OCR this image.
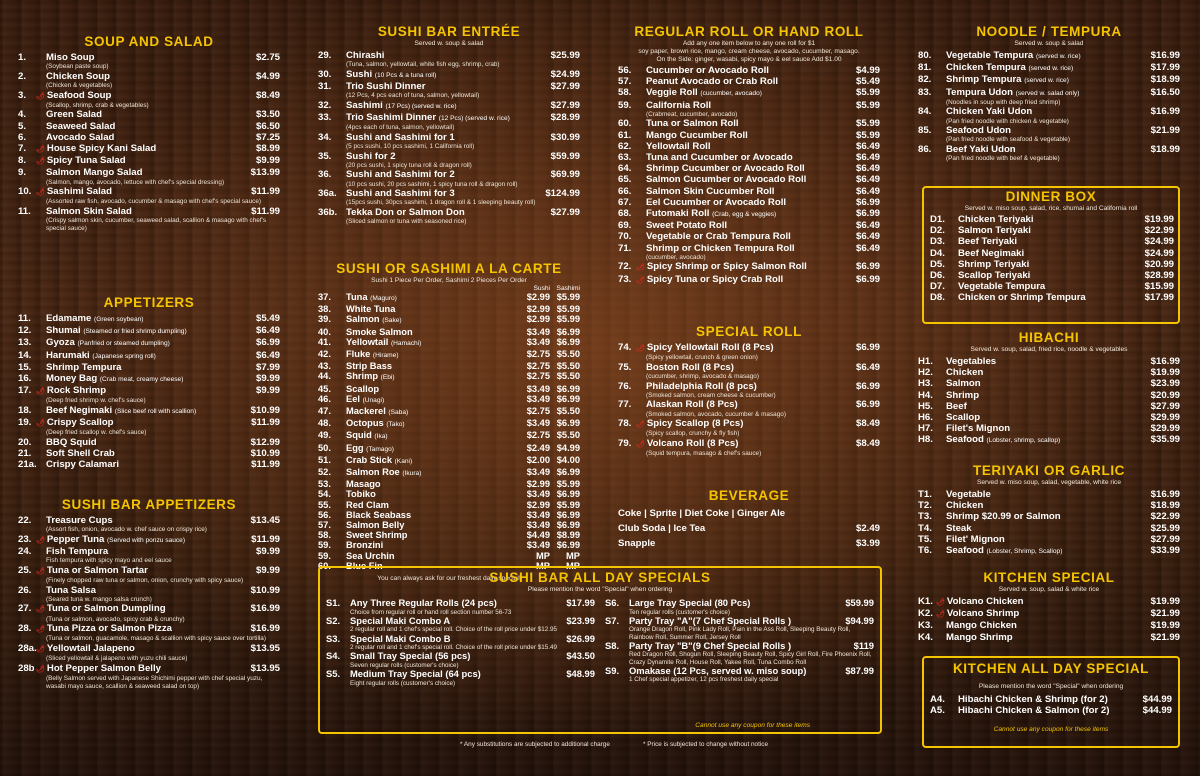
SOUP AND SALAD
1.	Miso Soup	$2.75
(Soybean paste soup)
2.	Chicken Soup	$4.99
(Chicken & vegetables)
3.	🌶 Seafood Soup	$8.49
(Scallop, shrimp, crab & vegetables)
4.	Green Salad	$3.50
5.	Seaweed Salad	$6.50
6.	Avocado Salad	$7.25
7.	🌶 House Spicy Kani Salad	$8.99
8.	🌶 Spicy Tuna Salad	$9.99
9.	Salmon Mango Salad	$13.99
(Salmon, mango, avocado, lettuce with chef's special dressing)
10. 🌶 Sashimi Salad	$11.99
(Assorted raw fish, avocado, cucumber & masago with chef's special sauce)
11.	Salmon Skin Salad	$11.99
(Crispy salmon skin, cucumber, seaweed salad, scallion & masago with chef's special sauce)
APPETIZERS
11.	Edamame (Green soybean)	$5.49
12.	Shumai (Steamed or fried shrimp dumpling)	$6.49
13.	Gyoza (Panfried or steamed dumpling)	$6.99
14.	Harumaki (Japanese spring roll)	$6.49
15.	Shrimp Tempura	$7.99
16.	Money Bag (Crab meat, creamy cheese)	$9.99
17. 🌶 Rock Shrimp	$9.99
(Deep fried shrimp w. chef's sauce)
18.	Beef Negimaki (Slice beef roll with scallion)	$10.99
19. 🌶 Crispy Scallop	$11.99
(Deep fried scallop w. chef's sauce)
20.	BBQ Squid	$12.99
21.	Soft Shell Crab	$10.99
21a. Crispy Calamari	$11.99
SUSHI BAR APPETIZERS
22.	Treasure Cups	$13.45
(Assort fish, onion, avocado w. chef sauce on crispy rice)
23. 🌶 Pepper Tuna (Served with ponzu sauce)	$11.99
24.	Fish Tempura	$9.99
Fish tempura with spicy mayo and eel sauce
25. 🌶 Tuna or Salmon Tartar	$9.99
(Finely chopped raw tuna or salmon, onion, crunchy with spicy sauce)
26.	Tuna Salsa	$10.99
(Seared tuna w. mango salsa crunch)
27. 🌶 Tuna or Salmon Dumpling	$16.99
(Tuna or salmon, avocado, spicy crab & crunchy)
28. 🌶 Tuna Pizza or Salmon Pizza	$16.99
(Tuna or salmon, guacamole, masago & scallion with spicy sauce over tortilla)
28a. 🌶 Yellowtail Jalapeno	$13.95
(Sliced yellowtail & jalapeno with yuzu chili sauce)
28b 🌶 Hot Pepper Salmon Belly	$13.95
(Belly Salmon served with Japanese Shichimi pepper with chef special yuzu, wasabi mayo sauce, scallion & seaweed salad on top)
SUSHI BAR ENTRÉE
Served w. soup & salad
29.	Chirashi	$25.99
(Tuna, salmon, yellowtail, white fish egg, shrimp, crab)
30.	Sushi (10 Pcs & a tuna roll)	$24.99
31.	Trio Sushi Dinner	$27.99
(12 Pcs, 4 pcs each of tuna, salmon, yellowtail)
32.	Sashimi (17 Pcs) (served w. rice)	$27.99
33.	Trio Sashimi Dinner (12 Pcs) (served w. rice)	$28.99
(4pcs each of tuna, salmon, yellowtail)
34.	Sushi and Sashimi for 1	$30.99
(5 pcs sushi, 10 pcs sashimi, 1 California roll)
35.	Sushi for 2	$59.99
(20 pcs sushi, 1 spicy tuna roll & dragon roll)
36.	Sushi and Sashimi for 2	$69.99
(10 pcs sushi, 20 pcs sashimi, 1 spicy tuna roll & dragon roll)
36a. Sushi and Sashimi for 3	$124.99
(15pcs sushi, 30pcs sashimi, 1 dragon roll & 1 sleeping beauty roll)
36b. Tekka Don or Salmon Don	$27.99
(Sliced salmon or tuna with seasoned rice)
SUSHI OR SASHIMI A LA CARTE
Sushi 1 Piece Per Order, Sashimi 2 Pieces Per Order
Sushi Sashimi
37.	Tuna (Maguro)	$2.99 $5.99
38.	White Tuna	$2.99 $5.99
39.	Salmon (Sake)	$2.99 $5.99
40.	Smoke Salmon	$3.49 $6.99
41.	Yellowtail (Hamachi)	$3.49 $6.99
42.	Fluke (Hirame)	$2.75 $5.50
43.	Strip Bass	$2.75 $5.50
44.	Shrimp (Ebi)	$2.75 $5.50
45.	Scallop	$3.49 $6.99
46.	Eel (Unagi)	$3.49 $6.99
47.	Mackerel (Saba)	$2.75 $5.50
48.	Octopus (Tako)	$3.49 $6.99
49.	Squid (Ika)	$2.75 $5.50
50.	Egg (Tamago)	$2.49 $4.99
51.	Crab Stick (Kani)	$2.00 $4.00
52.	Salmon Roe (Ikura)	$3.49 $6.99
53.	Masago	$2.99 $5.99
54.	Tobiko	$3.49 $6.99
55.	Red Clam	$2.99 $5.99
56.	Black Seabass	$3.49 $6.99
57.	Salmon Belly	$3.49 $6.99
58.	Sweet Shrimp	$4.49 $8.99
59.	Bronzini	$3.49 $6.99
59.	Sea Urchin	MP	MP
60.	Blue Fin	MP	MP
You can always ask for our freshest daily special!
REGULAR ROLL OR HAND ROLL
Add any one item below to any one roll for $1
soy paper, brown rice, mango, cream cheese, avocado, cucumber, masago.
On the Side: ginger, wasabi, spicy mayo & eel sauce Add $1.00
56.	Cucumber or Avocado Roll	$4.99
57.	Peanut Avocado or Crab Roll	$5.49
58.	Veggie Roll (cucumber, avocado)	$5.99
59.	California Roll	$5.99
(Crabmeat, cucumber, avocado)
60.	Tuna or Salmon Roll	$5.99
61.	Mango Cucumber Roll	$5.99
62.	Yellowtail Roll	$6.49
63.	Tuna and Cucumber or Avocado	$6.49
64.	Shrimp Cucumber or Avocado Roll	$6.49
65.	Salmon Cucumber or Avocado Roll	$6.49
66.	Salmon Skin Cucumber Roll	$6.49
67.	Eel Cucumber or Avocado Roll	$6.99
68.	Futomaki Roll (Crab, egg & veggies)	$6.99
69.	Sweet Potato Roll	$6.49
70.	Vegetable or Crab Tempura Roll	$6.49
71.	Shrimp or Chicken Tempura Roll	$6.49
(cucumber, avocado)
72. 🌶 Spicy Shrimp or Spicy Salmon Roll	$6.99
73. 🌶 Spicy Tuna or Spicy Crab Roll	$6.99
SPECIAL ROLL
74. 🌶 Spicy Yellowtail Roll (8 Pcs)	$6.99
(Spicy yellowtail, crunch & green onion)
75.	Boston Roll (8 Pcs)	$6.49
(cucumber, shrimp, avocado & masago)
76.	Philadelphia Roll (8 pcs)	$6.99
(Smoked salmon, cream cheese & cucumber)
77.	Alaskan Roll (8 Pcs)	$6.99
(Smoked salmon, avocado, cucumber & masago)
78. 🌶 Spicy Scallop (8 Pcs)	$8.49
(Spicy scallop, crunchy & fly fish)
79. 🌶 Volcano Roll (8 Pcs)	$8.49
(Squid tempura, masago & chef's sauce)
BEVERAGE
Coke | Sprite | Diet Coke | Ginger Ale
Club Soda | Ice Tea	$2.49
Snapple	$3.99
NOODLE / TEMPURA
Served w. soup & salad
80.	Vegetable Tempura (served w. rice)	$16.99
81.	Chicken Tempura (served w. rice)	$17.99
82.	Shrimp Tempura (served w. rice)	$18.99
83.	Tempura Udon (served w. salad only)	$16.50
(Noodles in soup with deep fried shrimp)
84.	Chicken Yaki Udon	$16.99
(Pan fried noodle with chicken & vegetable)
85.	Seafood Udon	$21.99
(Pan fried noodle with seafood & vegetable)
86.	Beef Yaki Udon	$18.99
(Pan fried noodle with beef & vegetable)
DINNER BOX
Served w. miso soup, salad, rice, shumai and California roll
D1.	Chicken Teriyaki	$19.99
D2.	Salmon Teriyaki	$22.99
D3.	Beef Teriyaki	$24.99
D4.	Beef Negimaki	$24.99
D5.	Shrimp Teriyaki	$20.99
D6.	Scallop Teriyaki	$28.99
D7.	Vegetable Tempura	$15.99
D8.	Chicken or Shrimp Tempura	$17.99
HIBACHI
Served w. soup, salad, fried rice, noodle & vegetables
H1.	Vegetables	$16.99
H2.	Chicken	$19.99
H3.	Salmon	$23.99
H4.	Shrimp	$20.99
H5.	Beef	$27.99
H6.	Scallop	$29.99
H7.	Filet's Mignon	$29.99
H8.	Seafood (Lobster, shrimp, scallop)	$35.99
TERIYAKI OR GARLIC
Served w. miso soup, salad, vegetable, white rice
T1.	Vegetable	$16.99
T2.	Chicken	$18.99
T3.	Shrimp $20.99 or Salmon	$22.99
T4.	Steak	$25.99
T5.	Filet' Mignon	$27.99
T6.	Seafood (Lobster, Shrimp, Scallop)	$33.99
KITCHEN SPECIAL
Served w. soup, salad & white rice
K1. 🌶 Volcano Chicken	$19.99
K2. 🌶 Volcano Shrimp	$21.99
K3.	Mango Chicken	$19.99
K4.	Mango Shrimp	$21.99
KITCHEN ALL DAY SPECIAL
Please mention the word "Special" when ordering
A4.	Hibachi Chicken & Shrimp (for 2)	$44.99
A5.	Hibachi Chicken & Salmon (for 2)	$44.99
Cannot use any coupon for these items
SUSHI BAR ALL DAY SPECIALS
Please mention the word "Special" when ordering
S1.	Any Three Regular Rolls (24 pcs)	$17.99
Choice from regular roll or hand roll section number 56-73
S2.	Special Maki Combo A	$23.99
2 regular roll and 1 chef's special roll. Choice of the roll price under $12.95
S3.	Special Maki Combo B	$26.99
2 regular roll and 1 chef's special roll. Choice of the roll price under $15.49
S4.	Small Tray Special (56 pcs)	$43.50
Seven regular rolls (customer's choice)
S5.	Medium Tray Special (64 pcs)	$48.99
Eight regular rolls (customer's choice)
S6.	Large Tray Special (80 Pcs)	$59.99
Ten regular rolls (customer's choice)
S7.	Party Tray "A"(7 Chef Special Rolls )	$94.99
Orange Dragon Roll, Pink Lady Roll, Pain in the Ass Roll, Sleeping Beauty Roll, Rainbow Roll, Summer Roll, Jersey Roll
S8.	Party Tray "B"(9 Chef Special Rolls )	$119
Red Dragon Roll, Shogun Roll, Sleeping Beauty Roll, Spicy Girl Roll, Fire Phoenix Roll, Crazy Dynamite Roll, House Roll, Yakee Roll, Tuna Combo Roll
S9.	Omakase (12 Pcs, served w. miso soup)	$87.99
1 Chef special appetizer, 12 pcs freshest daily special
Cannot use any coupon for these items
* Any substitutions are subjected to additional charge	* Price is subjected to change without notice
